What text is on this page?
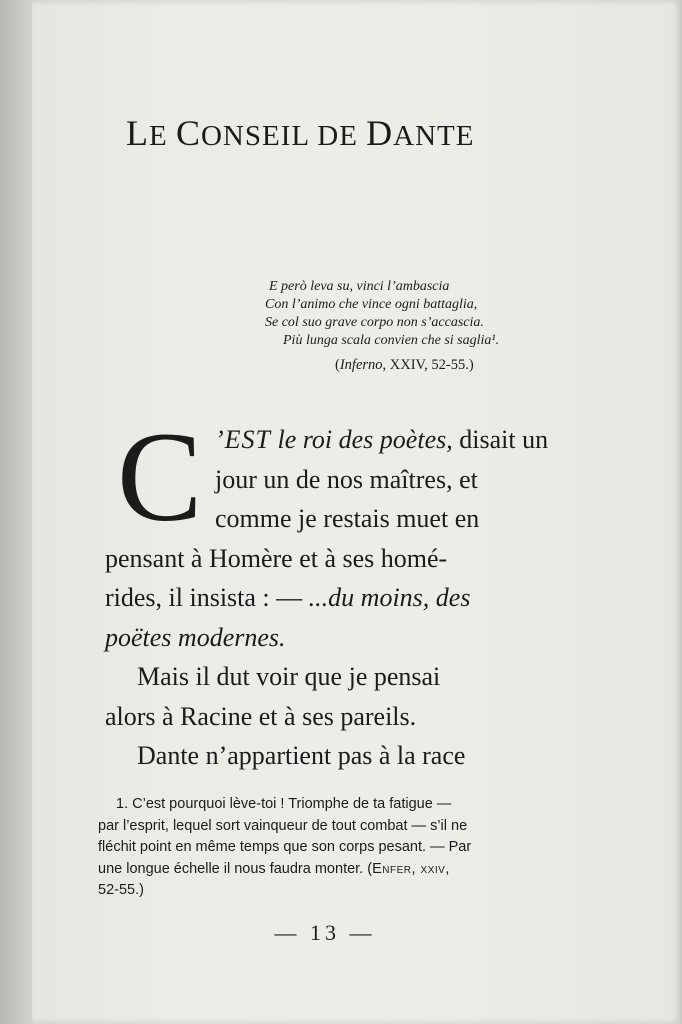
LE CONSEIL DE DANTE
E però leva su, vinci l’ambascia
Con l’animo che vince ogni battaglia,
Se col suo grave corpo non s’accascia.
Più lunga scala convien che si saglia¹.
(Inferno, XXIV, 52-55.)
C ’EST le roi des poètes, disait un
jour un de nos maîtres, et
comme je restais muet en
pensant à Homère et à ses homé-
rides, il insista : — ...du moins, des
poëtes modernes.
Mais il dut voir que je pensai
alors à Racine et à ses pareils.
Dante n’appartient pas à la race
1. C’est pourquoi lève-toi ! Triomphe de ta fatigue —
par l’esprit, lequel sort vainqueur de tout combat — s’il ne
fléchit point en même temps que son corps pesant. — Par
une longue échelle il nous faudra monter. (Enfer, xxiv,
52-55.)
— 13 —
